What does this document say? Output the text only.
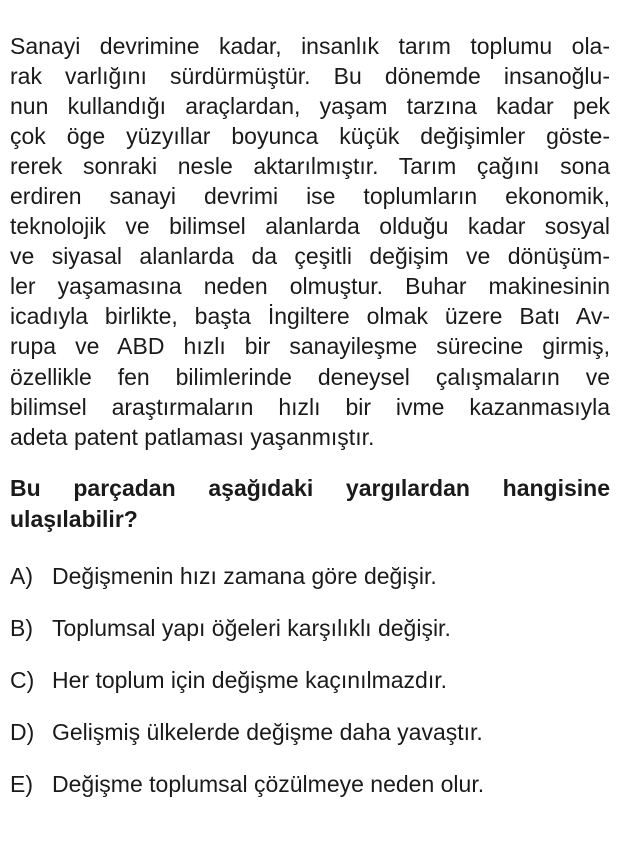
Sanayi devrimine kadar, insanlık tarım toplumu ola-
rak varlığını sürdürmüştür. Bu dönemde insanoğlu-
nun kullandığı araçlardan, yaşam tarzına kadar pek
çok öge yüzyıllar boyunca küçük değişimler göste-
rerek sonraki nesle aktarılmıştır. Tarım çağını sona
erdiren sanayi devrimi ise toplumların ekonomik,
teknolojik ve bilimsel alanlarda olduğu kadar sosyal
ve siyasal alanlarda da çeşitli değişim ve dönüşüm-
ler yaşamasına neden olmuştur. Buhar makinesinin
icadıyla birlikte, başta İngiltere olmak üzere Batı Av-
rupa ve ABD hızlı bir sanayileşme sürecine girmiş,
özellikle fen bilimlerinde deneysel çalışmaların ve
bilimsel araştırmaların hızlı bir ivme kazanmasıyla
adeta patent patlaması yaşanmıştır.

Bu parçadan aşağıdaki yargılardan hangisine
ulaşılabilir?

A) Değişmenin hızı zamana göre değişir.
B) Toplumsal yapı öğeleri karşılıklı değişir.
C) Her toplum için değişme kaçınılmazdır.
D) Gelişmiş ülkelerde değişme daha yavaştır.
E) Değişme toplumsal çözülmeye neden olur.
